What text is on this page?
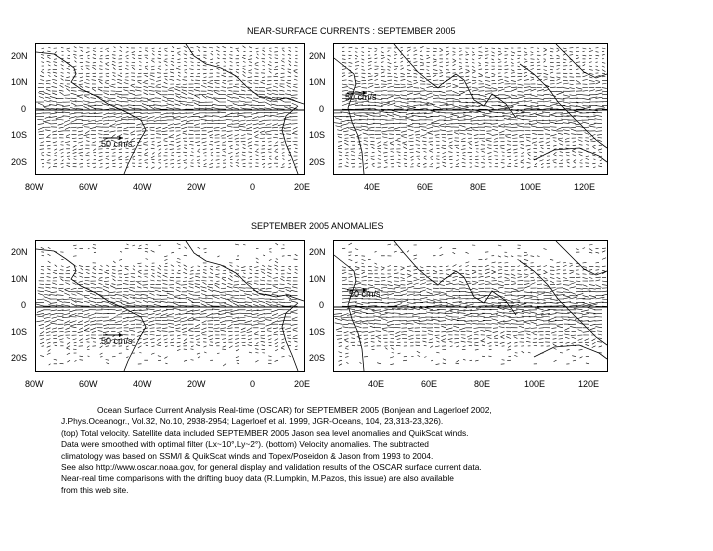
NEAR-SURFACE CURRENTS : SEPTEMBER 2005
20N
10N
0
10S
20S
80W	60W	40W	20W	0	20E
50 cm/s
20N
10N
0
10S
20S
40E	60E	80E	100E	120E
50 cm/s
SEPTEMBER 2005 ANOMALIES
20N
10N
0
10S
20S
80W	60W	40W	20W	0	20E
50 cm/s
20N
10N
0
10S
20S
40E	60E	80E	100E	120E
50 cm/s
Ocean Surface Current Analysis Real-time (OSCAR) for SEPTEMBER 2005 (Bonjean and Lagerloef 2002,
J.Phys.Oceanogr., Vol.32, No.10, 2938-2954; Lagerloef et al. 1999, JGR-Oceans, 104, 23,313-23,326).
(top) Total velocity. Satellite data included SEPTEMBER 2005 Jason sea level anomalies and QuikScat winds.
Data were smoothed with optimal filter (Lx~10°,Ly~2°). (bottom) Velocity anomalies. The subtracted
climatology was based on SSM/I & QuikScat winds and Topex/Poseidon & Jason from 1993 to 2004.
See also http://www.oscar.noaa.gov, for general display and validation results of the OSCAR surface current data.
Near-real time comparisons with the drifting buoy data (R.Lumpkin, M.Pazos, this issue) are also available
from this web site.
